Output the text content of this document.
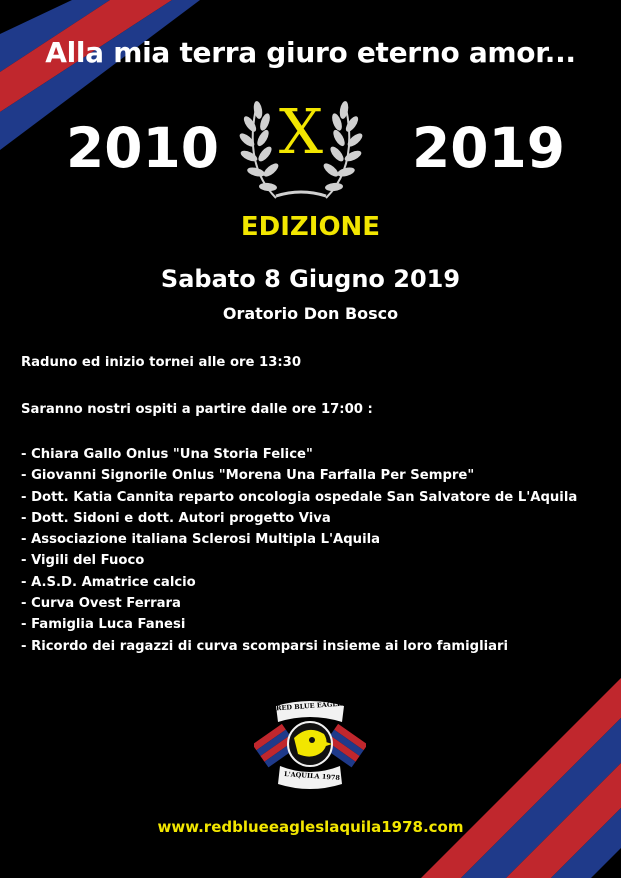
Alla mia terra giuro eterno amor...
2010	2019
X
EDIZIONE
Sabato 8 Giugno 2019
Oratorio Don Bosco
Raduno ed inizio tornei alle ore 13:30
Saranno nostri ospiti a partire dalle ore 17:00 :
- Chiara Gallo Onlus "Una Storia Felice"
- Giovanni Signorile Onlus "Morena Una Farfalla Per Sempre"
- Dott. Katia Cannita reparto oncologia ospedale San Salvatore de L'Aquila
- Dott. Sidoni e dott. Autori progetto Viva
- Associazione italiana Sclerosi Multipla L'Aquila
- Vigili del Fuoco
- A.S.D. Amatrice calcio
- Curva Ovest Ferrara
- Famiglia Luca Fanesi
- Ricordo dei ragazzi di curva scomparsi insieme ai loro famigliari
RED BLUE EAGLES
L'AQUILA 1978
www.redblueeaglеslaquila1978.com
